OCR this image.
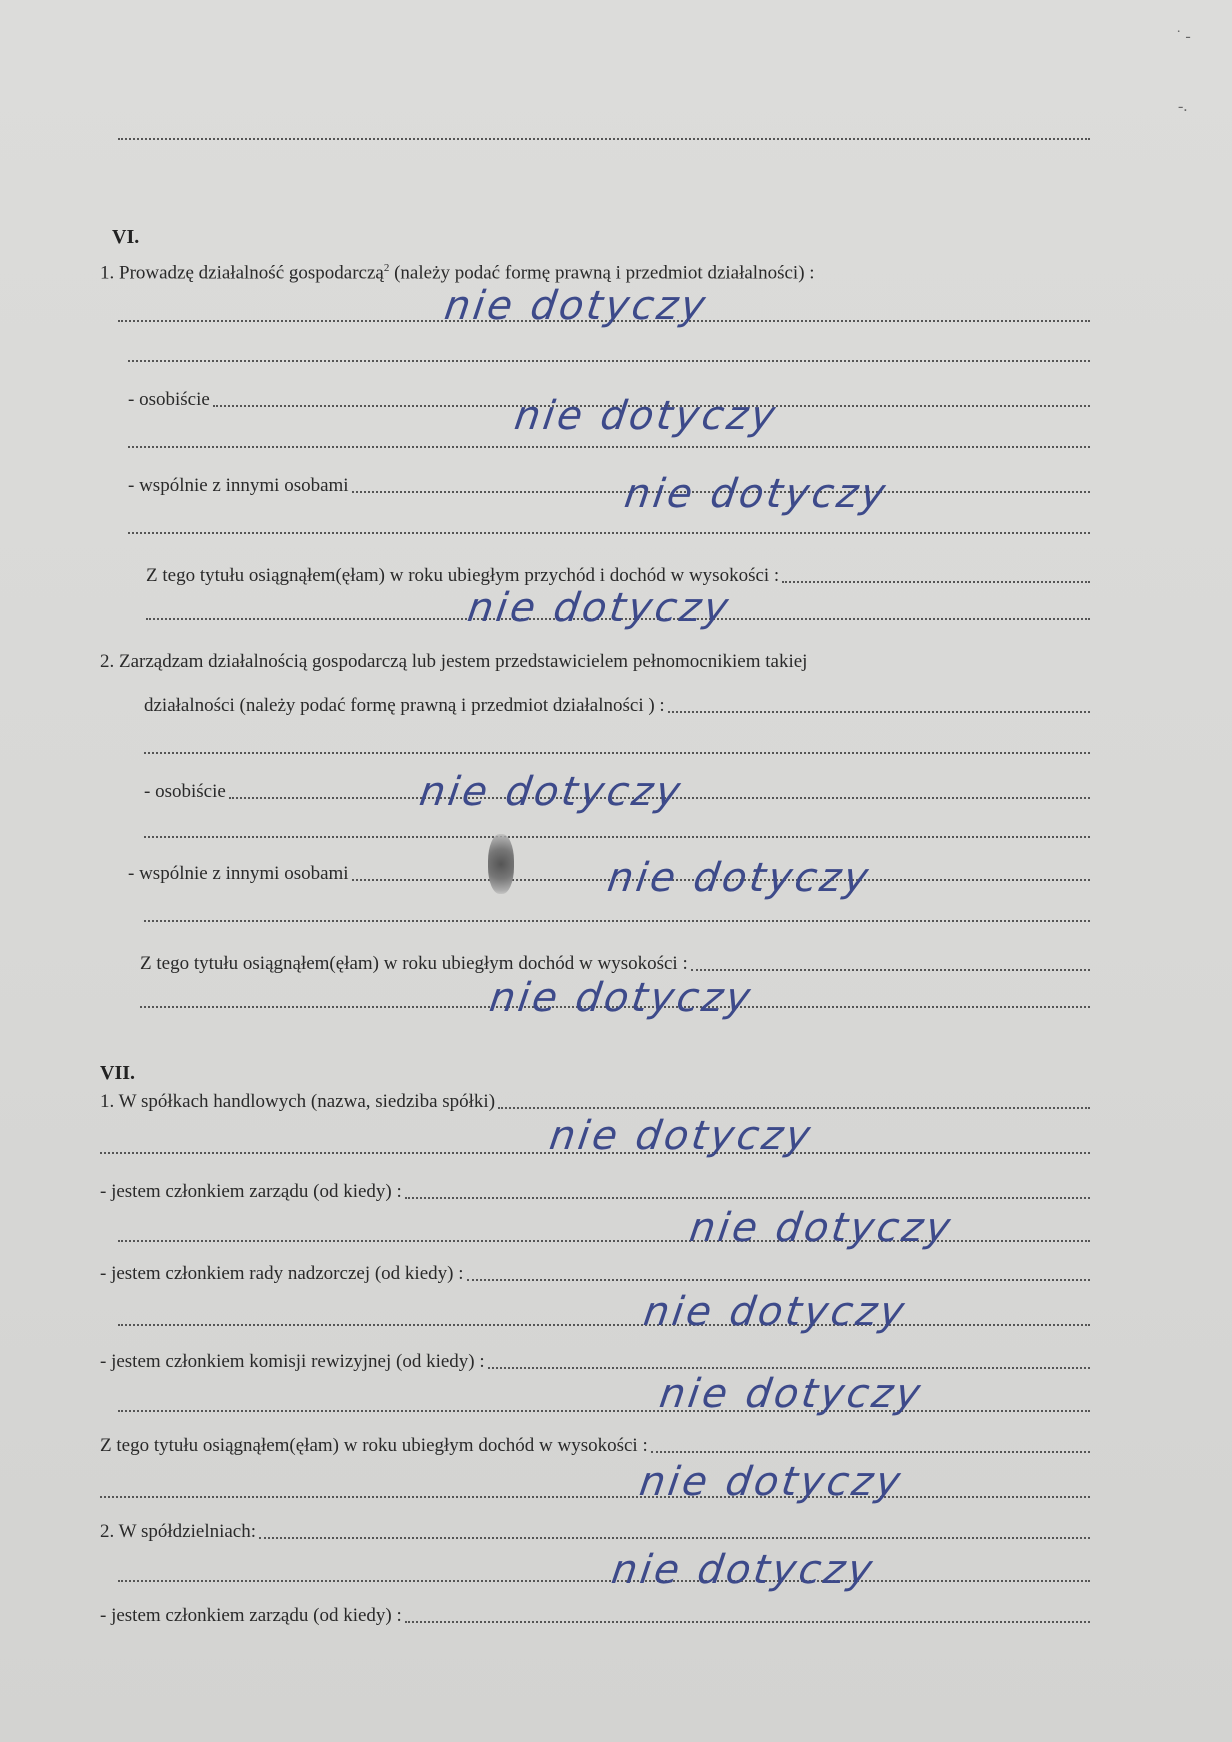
˙ -
-.
VI.
1. Prowadzę działalność gospodarczą$^2$ (należy podać formę prawną i przedmiot działalności) :
- osobiście
- wspólnie z innymi osobami
Z tego tytułu osiągnąłem(ęłam) w roku ubiegłym przychód i dochód w wysokości :
2. Zarządzam działalnością gospodarczą lub jestem przedstawicielem pełnomocnikiem takiej
działalności (należy podać formę prawną i przedmiot działalności ) :
- osobiście
- wspólnie z innymi osobami
Z tego tytułu osiągnąłem(ęłam) w roku ubiegłym dochód w wysokości :
VII.
1. W spółkach handlowych (nazwa, siedziba spółki)
- jestem członkiem zarządu (od kiedy) :
- jestem członkiem rady nadzorczej (od kiedy) :
- jestem członkiem komisji rewizyjnej (od kiedy) :
Z tego tytułu osiągnąłem(ęłam) w roku ubiegłym dochód w wysokości :
2. W spółdzielniach:
- jestem członkiem zarządu (od kiedy) :
nie dotyczy
nie dotyczy
nie dotyczy
nie dotyczy
nie dotyczy
nie dotyczy
nie dotyczy
nie dotyczy
nie dotyczy
nie dotyczy
nie dotyczy
nie dotyczy
nie dotyczy
